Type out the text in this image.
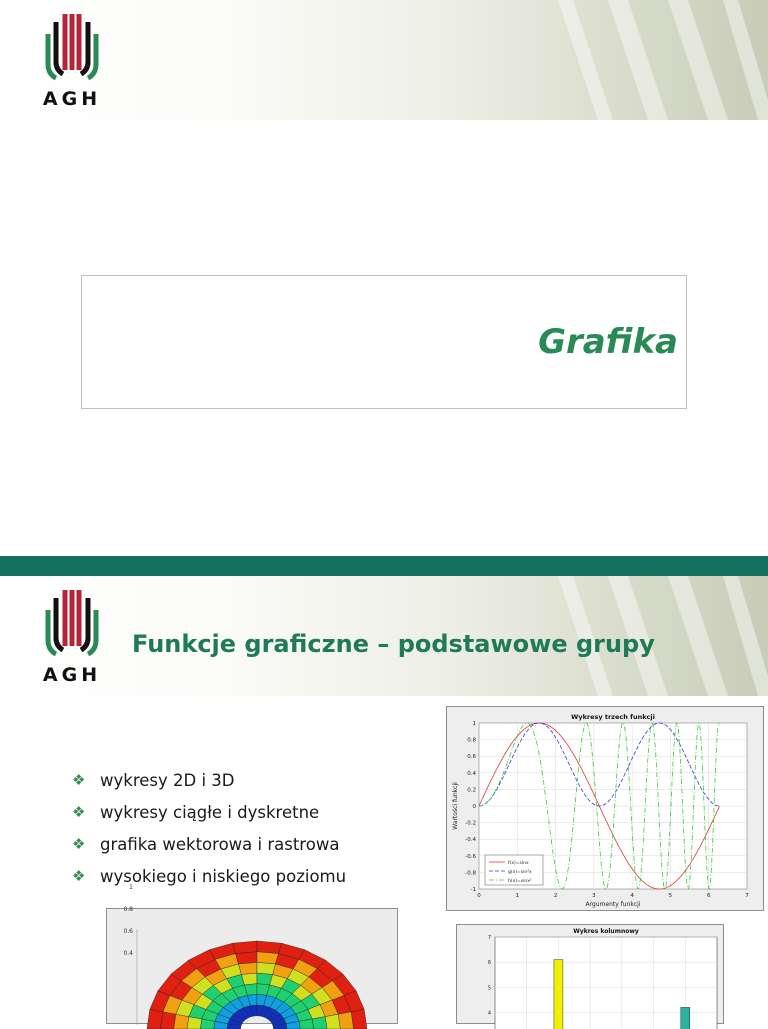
AGH
Grafika
AGH
Funkcje graficzne – podstawowe grupy
❖ wykresy 2D i 3D
❖ wykresy ciągłe i dyskretne
❖ grafika wektorowa i rastrowa
❖ wysokiego i niskiego poziomu
0	1	2	3	4	5	6	7
-1
-0.8
-0.6
-0.4
-0.2
0
0.2
0.4
0.6
0.8
1
Wykresy trzech funkcji
Argumenty funkcji
Wartości funkcji
f(x)=sinx
g(x)=sin²x
h(x)=sinx²
4
5
6
7
Wykres kolumnowy
0.4
0.6
0.8
1
